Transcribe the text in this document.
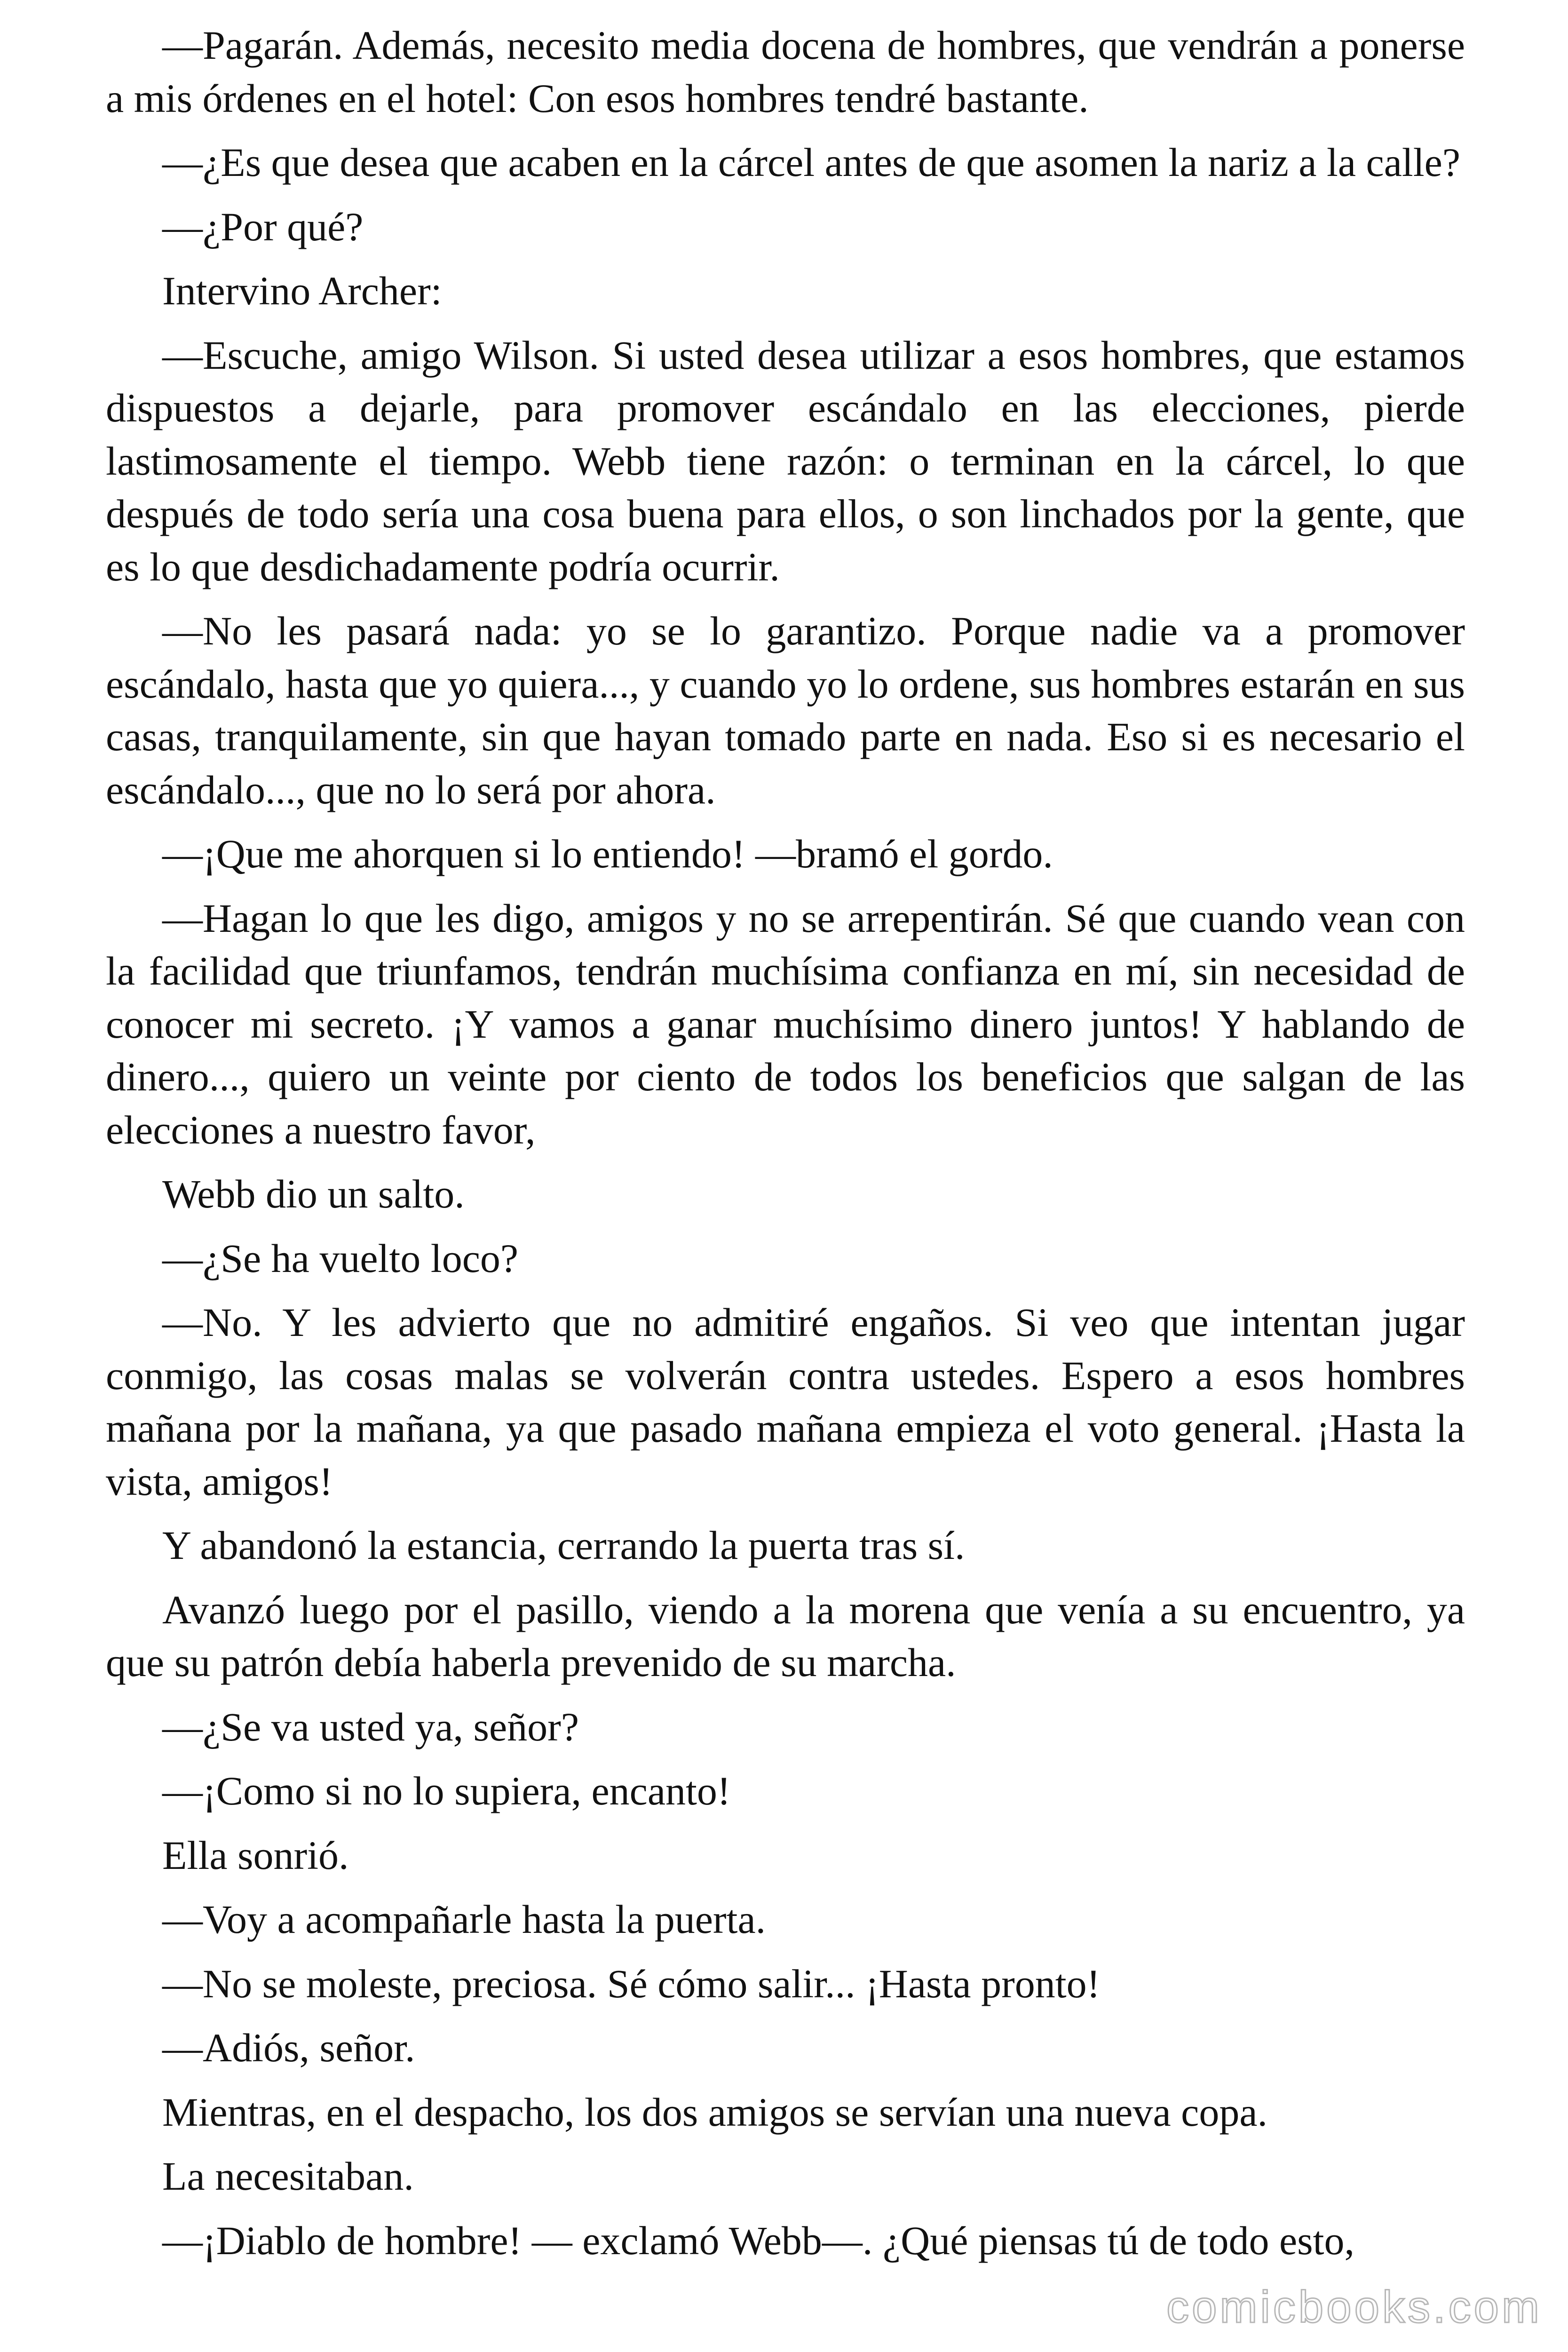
—Pagarán. Además, necesito media docena de hombres, que vendrán a ponerse a mis órdenes en el hotel: Con esos hombres tendré bastante.

—¿Es que desea que acaben en la cárcel antes de que asomen la nariz a la calle?

—¿Por qué?

Intervino Archer:

—Escuche, amigo Wilson. Si usted desea utilizar a esos hombres, que estamos dispuestos a dejarle, para promover escándalo en las elecciones, pierde lastimosamente el tiempo. Webb tiene razón: o terminan en la cárcel, lo que después de todo sería una cosa buena para ellos, o son linchados por la gente, que es lo que desdichadamente podría ocurrir.

—No les pasará nada: yo se lo garantizo. Porque nadie va a promover escándalo, hasta que yo quiera..., y cuando yo lo ordene, sus hombres estarán en sus casas, tranquilamente, sin que hayan tomado parte en nada. Eso si es necesario el escándalo..., que no lo será por ahora.

—¡Que me ahorquen si lo entiendo! —bramó el gordo.

—Hagan lo que les digo, amigos y no se arrepentirán. Sé que cuando vean con la facilidad que triunfamos, tendrán muchísima confianza en mí, sin necesidad de conocer mi secreto. ¡Y vamos a ganar muchísimo dinero juntos! Y hablando de dinero..., quiero un veinte por ciento de todos los beneficios que salgan de las elecciones a nuestro favor,

Webb dio un salto.

—¿Se ha vuelto loco?

—No. Y les advierto que no admitiré engaños. Si veo que intentan jugar conmigo, las cosas malas se volverán contra ustedes. Espero a esos hombres mañana por la mañana, ya que pasado mañana empieza el voto general. ¡Hasta la vista, amigos!

Y abandonó la estancia, cerrando la puerta tras sí.

Avanzó luego por el pasillo, viendo a la morena que venía a su encuentro, ya que su patrón debía haberla prevenido de su marcha.

—¿Se va usted ya, señor?

—¡Como si no lo supiera, encanto!

Ella sonrió.

—Voy a acompañarle hasta la puerta.

—No se moleste, preciosa. Sé cómo salir... ¡Hasta pronto!

—Adiós, señor.

Mientras, en el despacho, los dos amigos se servían una nueva copa.

La necesitaban.

—¡Diablo de hombre! — exclamó Webb—. ¿Qué piensas tú de todo esto,

comicbooks.com
